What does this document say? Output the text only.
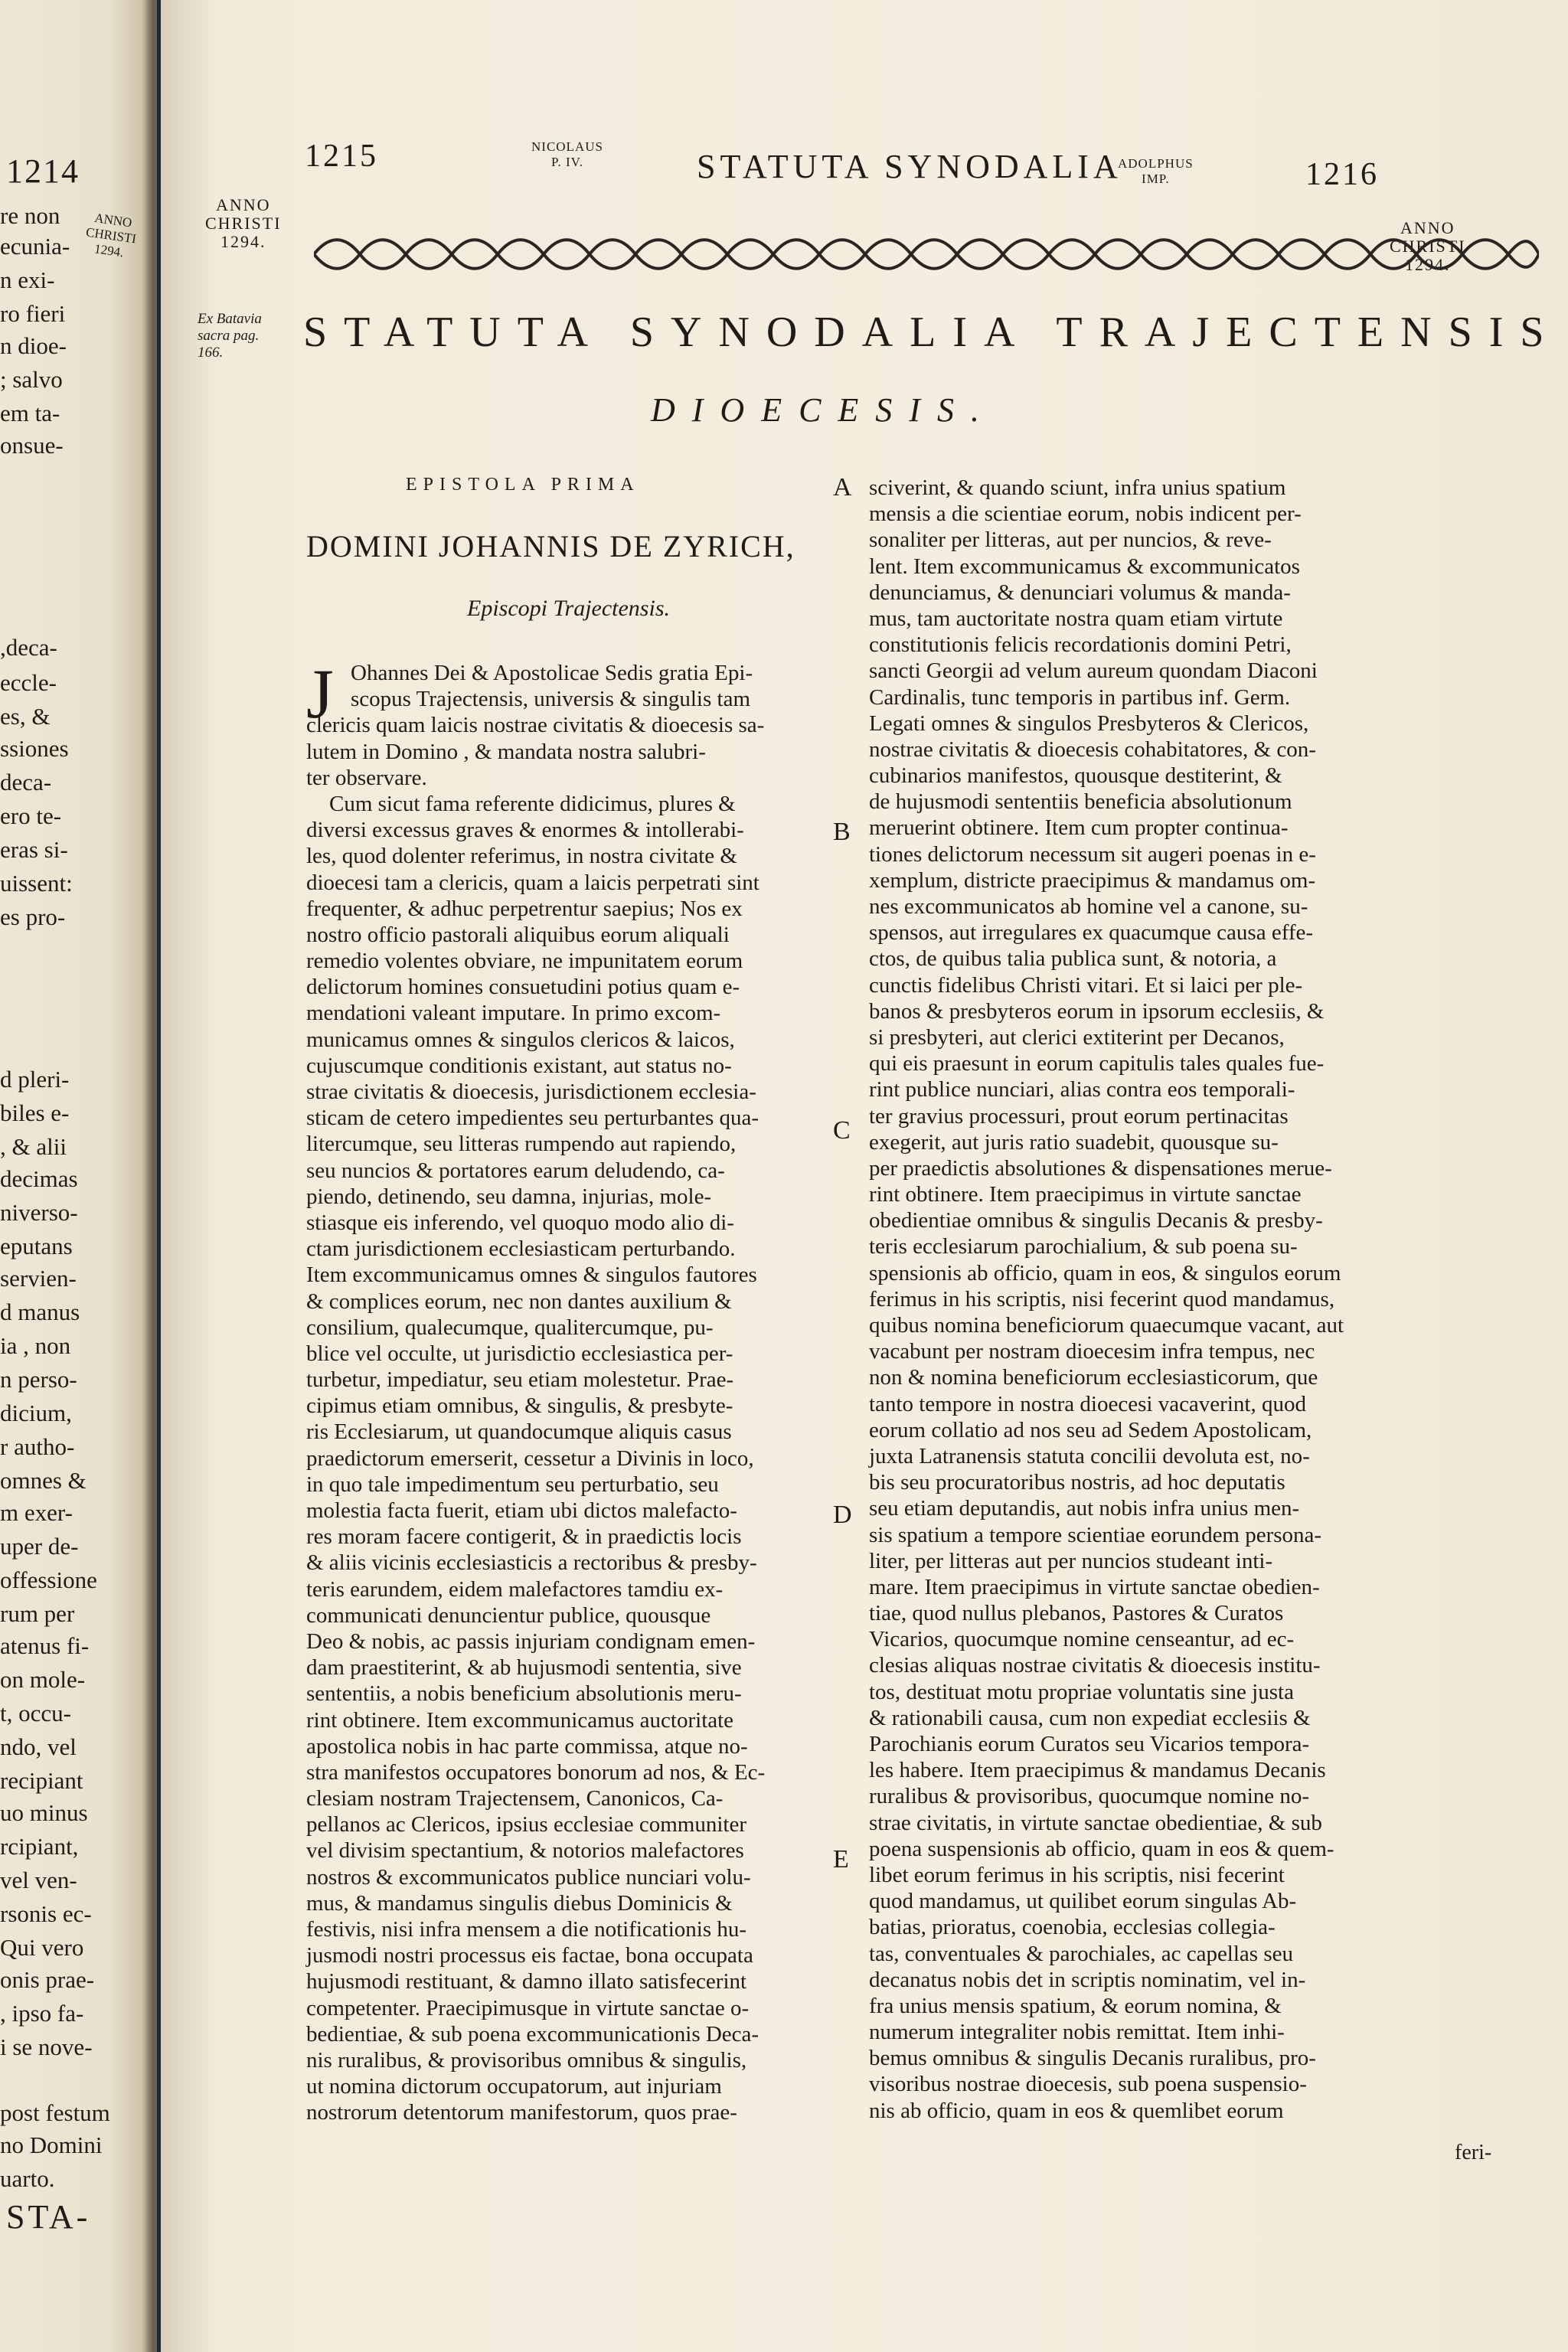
1214
ANNO
CHRISTI
1294.
re non
ecunia-
n exi-
ro fieri
n dioe-
; salvo
em ta-
onsue-
,deca-
eccle-
es, &
ssiones
deca-
ero te-
eras si-
uissent:
es pro-
d pleri-
biles e-
, & alii
decimas
niverso-
eputans
servien-
d manus
ia , non
n perso-
dicium,
r autho-
omnes &
m exer-
uper de-
offessione
rum per
atenus fi-
on mole-
t, occu-
ndo, vel
recipiant
uo minus
rcipiant,
vel ven-
rsonis ec-
Qui vero
onis prae-
, ipso fa-
i se nove-
post festum
no Domini
uarto.
STA-
1215	NICOLAUS
P. IV.	STATUTA SYNODALIA
ADOLPHUS
IMP.	1216
ANNO
CHRISTI
1294.
ANNO
CHRISTI
1294.
Ex Batavia
sacra pag.
166.	STATUTA SYNODALIA TRAJECTENSIS
DIOECESIS.
EPISTOLA PRIMA
DOMINI JOHANNIS DE ZYRICH,
Episcopi Trajectensis.
J Ohannes Dei & Apostolicae Sedis gratia Epi-
scopus Trajectensis, universis & singulis tam
clericis quam laicis nostrae civitatis & dioecesis sa-
lutem in Domino , & mandata nostra salubri-
ter observare.
Cum sicut fama referente didicimus, plures &
diversi excessus graves & enormes & intollerabi-
les, quod dolenter referimus, in nostra civitate &
dioecesi tam a clericis, quam a laicis perpetrati sint
frequenter, & adhuc perpetrentur saepius; Nos ex
nostro officio pastorali aliquibus eorum aliquali
remedio volentes obviare, ne impunitatem eorum
delictorum homines consuetudini potius quam e-
mendationi valeant imputare. In primo excom-
municamus omnes & singulos clericos & laicos,
cujuscumque conditionis existant, aut status no-
strae civitatis & dioecesis, jurisdictionem ecclesia-
sticam de cetero impedientes seu perturbantes qua-
litercumque, seu litteras rumpendo aut rapiendo,
seu nuncios & portatores earum deludendo, ca-
piendo, detinendo, seu damna, injurias, mole-
stiasque eis inferendo, vel quoquo modo alio di-
ctam jurisdictionem ecclesiasticam perturbando.
Item excommunicamus omnes & singulos fautores
& complices eorum, nec non dantes auxilium &
consilium, qualecumque, qualitercumque, pu-
blice vel occulte, ut jurisdictio ecclesiastica per-
turbetur, impediatur, seu etiam molestetur. Prae-
cipimus etiam omnibus, & singulis, & presbyte-
ris Ecclesiarum, ut quandocumque aliquis casus
praedictorum emerserit, cessetur a Divinis in loco,
in quo tale impedimentum seu perturbatio, seu
molestia facta fuerit, etiam ubi dictos malefacto-
res moram facere contigerit, & in praedictis locis
& aliis vicinis ecclesiasticis a rectoribus & presby-
teris earundem, eidem malefactores tamdiu ex-
communicati denuncientur publice, quousque
Deo & nobis, ac passis injuriam condignam emen-
dam praestiterint, & ab hujusmodi sententia, sive
sententiis, a nobis beneficium absolutionis meru-
rint obtinere. Item excommunicamus auctoritate
apostolica nobis in hac parte commissa, atque no-
stra manifestos occupatores bonorum ad nos, & Ec-
clesiam nostram Trajectensem, Canonicos, Ca-
pellanos ac Clericos, ipsius ecclesiae communiter
vel divisim spectantium, & notorios malefactores
nostros & excommunicatos publice nunciari volu-
mus, & mandamus singulis diebus Dominicis &
festivis, nisi infra mensem a die notificationis hu-
jusmodi nostri processus eis factae, bona occupata
hujusmodi restituant, & damno illato satisfecerint
competenter. Praecipimusque in virtute sanctae o-
bedientiae, & sub poena excommunicationis Deca-
nis ruralibus, & provisoribus omnibus & singulis,
ut nomina dictorum occupatorum, aut injuriam
nostrorum detentorum manifestorum, quos prae-
sciverint, & quando sciunt, infra unius spatium
mensis a die scientiae eorum, nobis indicent per-
sonaliter per litteras, aut per nuncios, & reve-
lent. Item excommunicamus & excommunicatos
denunciamus, & denunciari volumus & manda-
mus, tam auctoritate nostra quam etiam virtute
constitutionis felicis recordationis domini Petri,
sancti Georgii ad velum aureum quondam Diaconi
Cardinalis, tunc temporis in partibus inf. Germ.
Legati omnes & singulos Presbyteros & Clericos,
nostrae civitatis & dioecesis cohabitatores, & con-
cubinarios manifestos, quousque destiterint, &
de hujusmodi sententiis beneficia absolutionum
meruerint obtinere. Item cum propter continua-
tiones delictorum necessum sit augeri poenas in e-
xemplum, districte praecipimus & mandamus om-
nes excommunicatos ab homine vel a canone, su-
spensos, aut irregulares ex quacumque causa effe-
ctos, de quibus talia publica sunt, & notoria, a
cunctis fidelibus Christi vitari. Et si laici per ple-
banos & presbyteros eorum in ipsorum ecclesiis, &
si presbyteri, aut clerici extiterint per Decanos,
qui eis praesunt in eorum capitulis tales quales fue-
rint publice nunciari, alias contra eos temporali-
ter gravius processuri, prout eorum pertinacitas
exegerit, aut juris ratio suadebit, quousque su-
per praedictis absolutiones & dispensationes merue-
rint obtinere. Item praecipimus in virtute sanctae
obedientiae omnibus & singulis Decanis & presby-
teris ecclesiarum parochialium, & sub poena su-
spensionis ab officio, quam in eos, & singulos eorum
ferimus in his scriptis, nisi fecerint quod mandamus,
quibus nomina beneficiorum quaecumque vacant, aut
vacabunt per nostram dioecesim infra tempus, nec
non & nomina beneficiorum ecclesiasticorum, que
tanto tempore in nostra dioecesi vacaverint, quod
eorum collatio ad nos seu ad Sedem Apostolicam,
juxta Latranensis statuta concilii devoluta est, no-
bis seu procuratoribus nostris, ad hoc deputatis
seu etiam deputandis, aut nobis infra unius men-
sis spatium a tempore scientiae eorundem persona-
liter, per litteras aut per nuncios studeant inti-
mare. Item praecipimus in virtute sanctae obedien-
tiae, quod nullus plebanos, Pastores & Curatos
Vicarios, quocumque nomine censeantur, ad ec-
clesias aliquas nostrae civitatis & dioecesis institu-
tos, destituat motu propriae voluntatis sine justa
& rationabili causa, cum non expediat ecclesiis &
Parochianis eorum Curatos seu Vicarios tempora-
les habere. Item praecipimus & mandamus Decanis
ruralibus & provisoribus, quocumque nomine no-
strae civitatis, in virtute sanctae obedientiae, & sub
poena suspensionis ab officio, quam in eos & quem-
libet eorum ferimus in his scriptis, nisi fecerint
quod mandamus, ut quilibet eorum singulas Ab-
batias, prioratus, coenobia, ecclesias collegia-
tas, conventuales & parochiales, ac capellas seu
decanatus nobis det in scriptis nominatim, vel in-
fra unius mensis spatium, & eorum nomina, &
numerum integraliter nobis remittat. Item inhi-
bemus omnibus & singulis Decanis ruralibus, pro-
visoribus nostrae dioecesis, sub poena suspensio-
nis ab officio, quam in eos & quemlibet eorum
A
B
C
D
E
feri-
